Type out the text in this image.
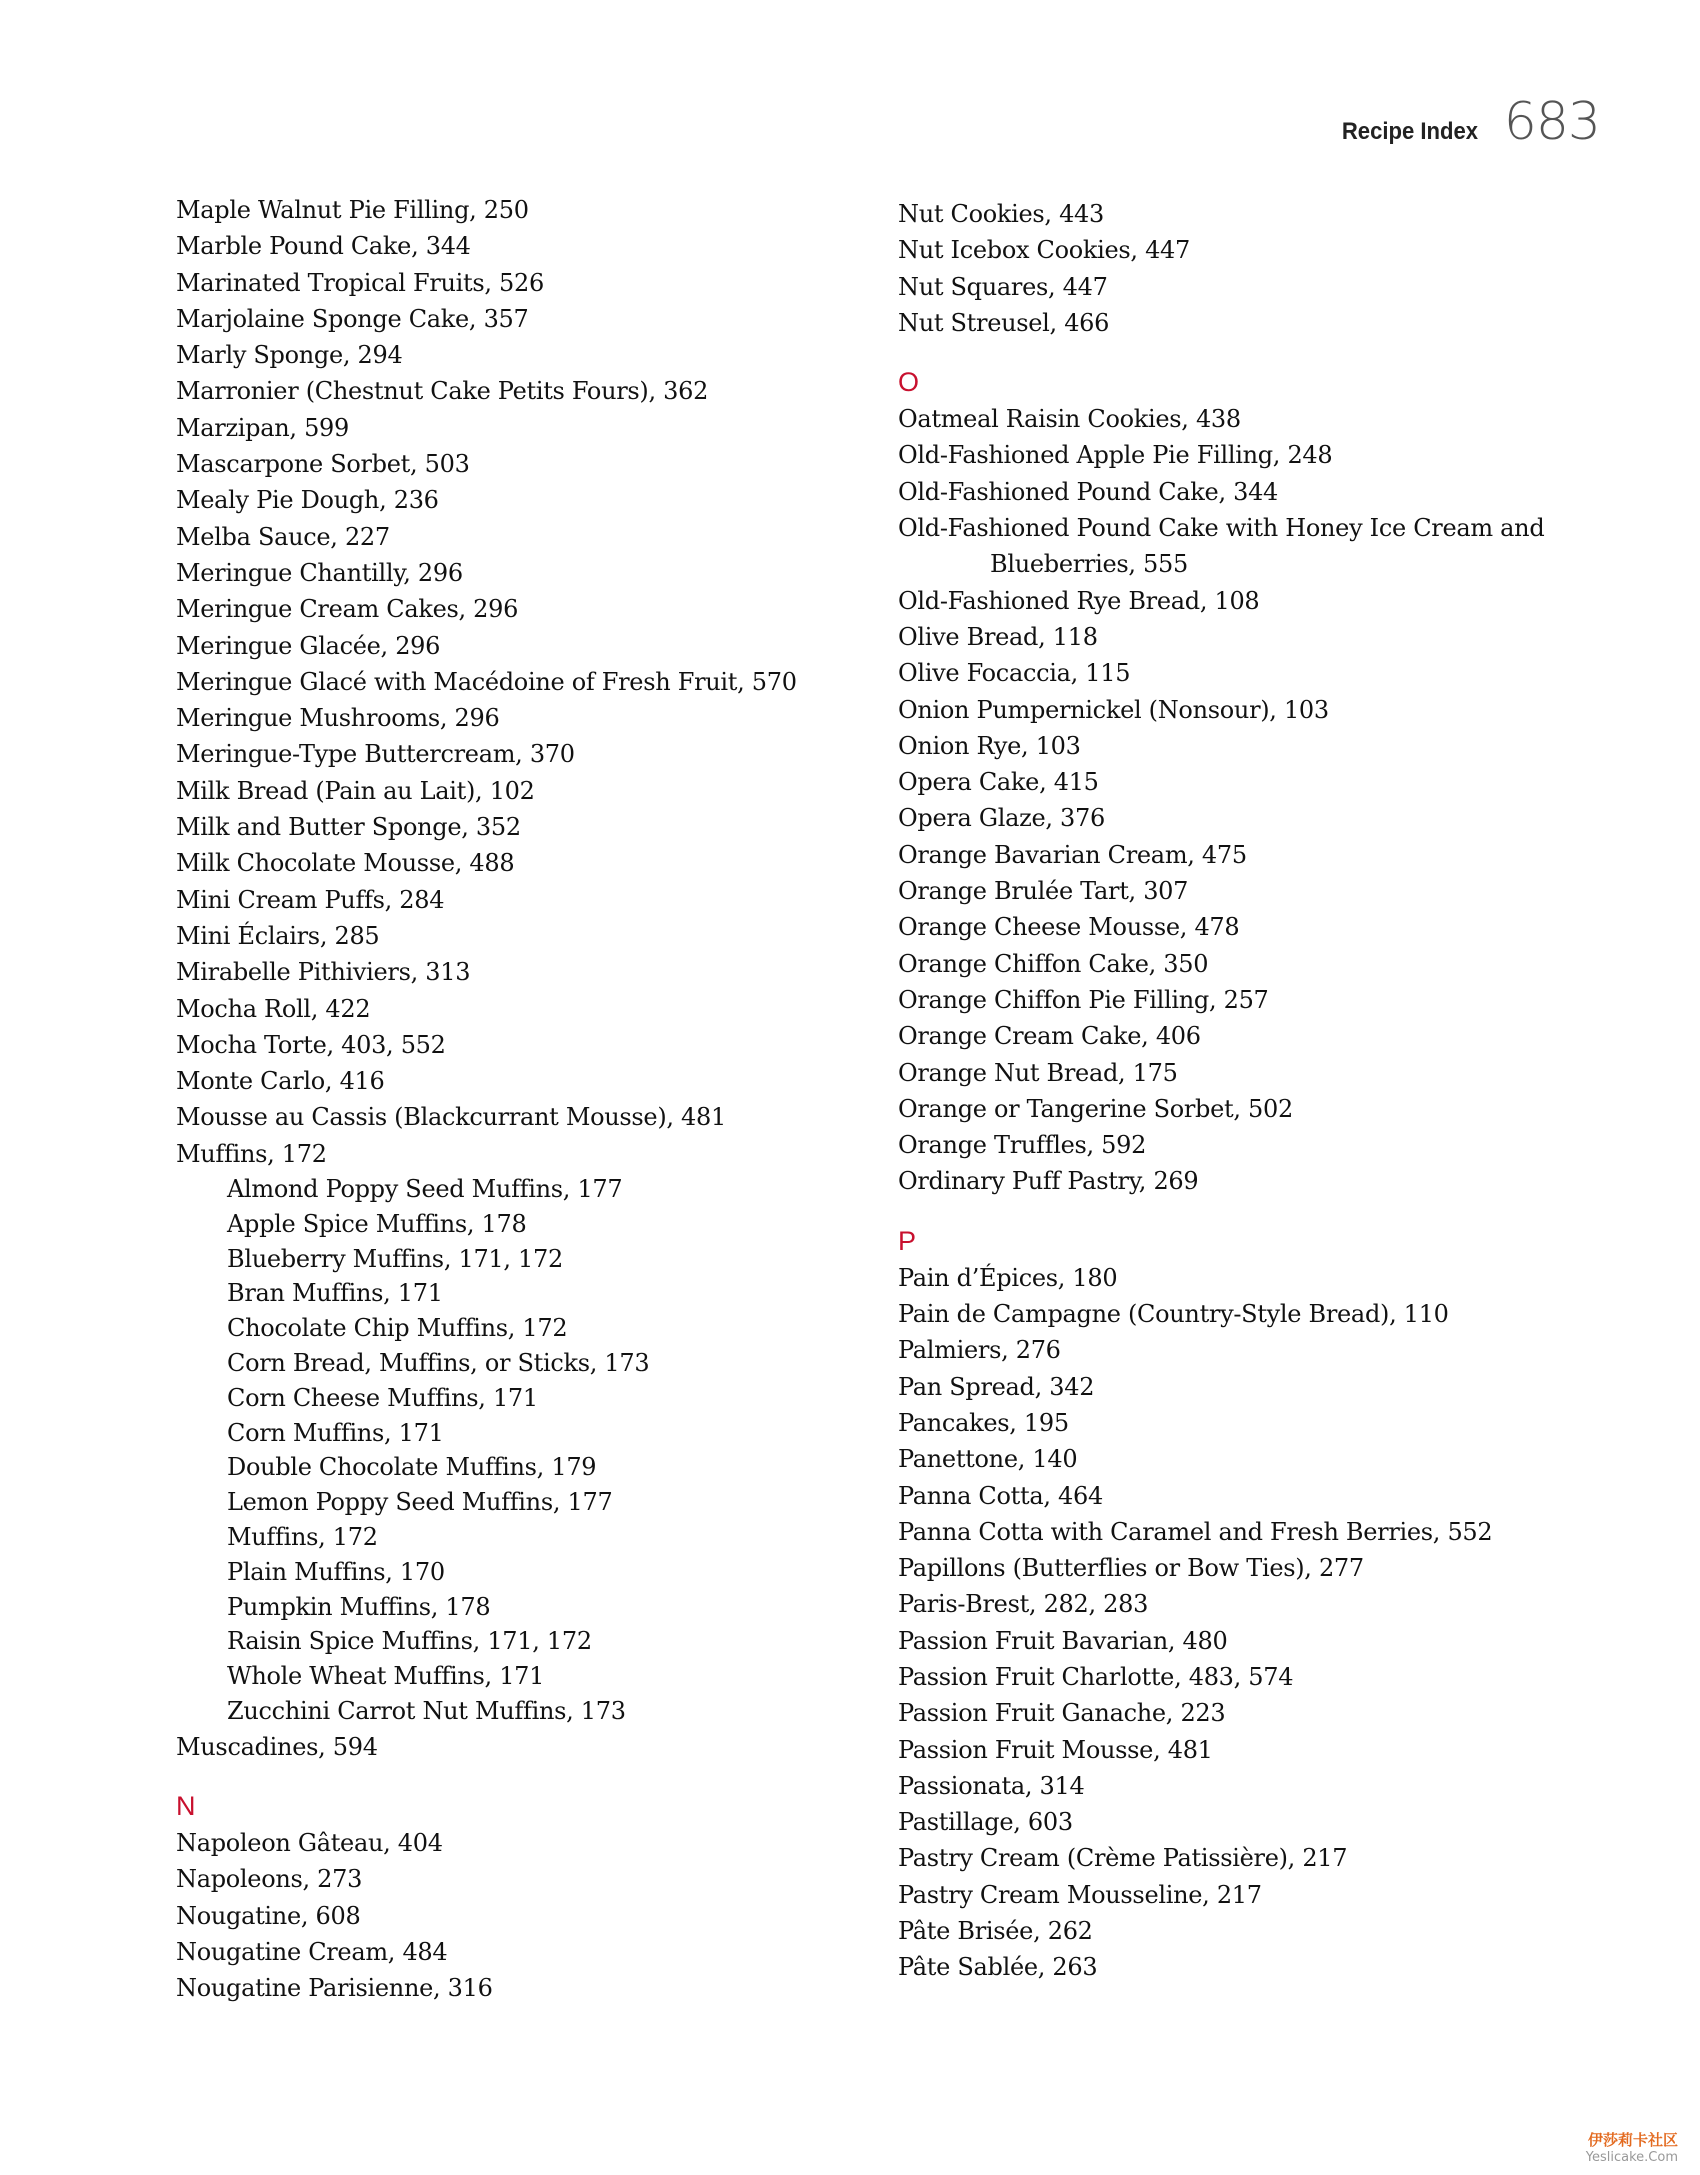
Recipe Index 683
Maple Walnut Pie Filling, 250
Marble Pound Cake, 344
Marinated Tropical Fruits, 526
Marjolaine Sponge Cake, 357
Marly Sponge, 294
Marronier (Chestnut Cake Petits Fours), 362
Marzipan, 599
Mascarpone Sorbet, 503
Mealy Pie Dough, 236
Melba Sauce, 227
Meringue Chantilly, 296
Meringue Cream Cakes, 296
Meringue Glacée, 296
Meringue Glacé with Macédoine of Fresh Fruit, 570
Meringue Mushrooms, 296
Meringue-Type Buttercream, 370
Milk Bread (Pain au Lait), 102
Milk and Butter Sponge, 352
Milk Chocolate Mousse, 488
Mini Cream Puffs, 284
Mini Éclairs, 285
Mirabelle Pithiviers, 313
Mocha Roll, 422
Mocha Torte, 403, 552
Monte Carlo, 416
Mousse au Cassis (Blackcurrant Mousse), 481
Muffins, 172
Almond Poppy Seed Muffins, 177
Apple Spice Muffins, 178
Blueberry Muffins, 171, 172
Bran Muffins, 171
Chocolate Chip Muffins, 172
Corn Bread, Muffins, or Sticks, 173
Corn Cheese Muffins, 171
Corn Muffins, 171
Double Chocolate Muffins, 179
Lemon Poppy Seed Muffins, 177
Muffins, 172
Plain Muffins, 170
Pumpkin Muffins, 178
Raisin Spice Muffins, 171, 172
Whole Wheat Muffins, 171
Zucchini Carrot Nut Muffins, 173
Muscadines, 594
N
Napoleon Gâteau, 404
Napoleons, 273
Nougatine, 608
Nougatine Cream, 484
Nougatine Parisienne, 316
Nut Cookies, 443
Nut Icebox Cookies, 447
Nut Squares, 447
Nut Streusel, 466
O
Oatmeal Raisin Cookies, 438
Old-Fashioned Apple Pie Filling, 248
Old-Fashioned Pound Cake, 344
Old-Fashioned Pound Cake with Honey Ice Cream and Blueberries, 555
Old-Fashioned Rye Bread, 108
Olive Bread, 118
Olive Focaccia, 115
Onion Pumpernickel (Nonsour), 103
Onion Rye, 103
Opera Cake, 415
Opera Glaze, 376
Orange Bavarian Cream, 475
Orange Brulée Tart, 307
Orange Cheese Mousse, 478
Orange Chiffon Cake, 350
Orange Chiffon Pie Filling, 257
Orange Cream Cake, 406
Orange Nut Bread, 175
Orange or Tangerine Sorbet, 502
Orange Truffles, 592
Ordinary Puff Pastry, 269
P
Pain d’Épices, 180
Pain de Campagne (Country-Style Bread), 110
Palmiers, 276
Pan Spread, 342
Pancakes, 195
Panettone, 140
Panna Cotta, 464
Panna Cotta with Caramel and Fresh Berries, 552
Papillons (Butterflies or Bow Ties), 277
Paris-Brest, 282, 283
Passion Fruit Bavarian, 480
Passion Fruit Charlotte, 483, 574
Passion Fruit Ganache, 223
Passion Fruit Mousse, 481
Passionata, 314
Pastillage, 603
Pastry Cream (Crème Patissière), 217
Pastry Cream Mousseline, 217
Pâte Brisée, 262
Pâte Sablée, 263
伊莎莉卡社区
Yeslicake.Com
